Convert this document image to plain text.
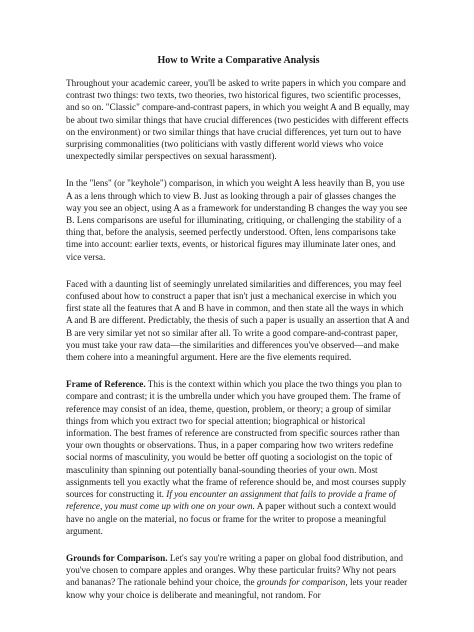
How to Write a Comparative Analysis

Throughout your academic career, you'll be asked to write papers in which you compare and contrast two things: two texts, two theories, two historical figures, two scientific processes, and so on. "Classic" compare-and-contrast papers, in which you weight A and B equally, may be about two similar things that have crucial differences (two pesticides with different effects on the environment) or two similar things that have crucial differences, yet turn out to have surprising commonalities (two politicians with vastly different world views who voice unexpectedly similar perspectives on sexual harassment).

In the "lens" (or "keyhole") comparison, in which you weight A less heavily than B, you use A as a lens through which to view B. Just as looking through a pair of glasses changes the way you see an object, using A as a framework for understanding B changes the way you see B. Lens comparisons are useful for illuminating, critiquing, or challenging the stability of a thing that, before the analysis, seemed perfectly understood. Often, lens comparisons take time into account: earlier texts, events, or historical figures may illuminate later ones, and vice versa.

Faced with a daunting list of seemingly unrelated similarities and differences, you may feel confused about how to construct a paper that isn't just a mechanical exercise in which you first state all the features that A and B have in common, and then state all the ways in which A and B are different. Predictably, the thesis of such a paper is usually an assertion that A and B are very similar yet not so similar after all. To write a good compare-and-contrast paper, you must take your raw data—the similarities and differences you've observed—and make them cohere into a meaningful argument. Here are the five elements required.

Frame of Reference. This is the context within which you place the two things you plan to compare and contrast; it is the umbrella under which you have grouped them. The frame of reference may consist of an idea, theme, question, problem, or theory; a group of similar things from which you extract two for special attention; biographical or historical information. The best frames of reference are constructed from specific sources rather than your own thoughts or observations. Thus, in a paper comparing how two writers redefine social norms of masculinity, you would be better off quoting a sociologist on the topic of masculinity than spinning out potentially banal-sounding theories of your own. Most assignments tell you exactly what the frame of reference should be, and most courses supply sources for constructing it. If you encounter an assignment that fails to provide a frame of reference, you must come up with one on your own. A paper without such a context would have no angle on the material, no focus or frame for the writer to propose a meaningful argument.

Grounds for Comparison. Let's say you're writing a paper on global food distribution, and you've chosen to compare apples and oranges. Why these particular fruits? Why not pears and bananas? The rationale behind your choice, the grounds for comparison, lets your reader know why your choice is deliberate and meaningful, not random. For
